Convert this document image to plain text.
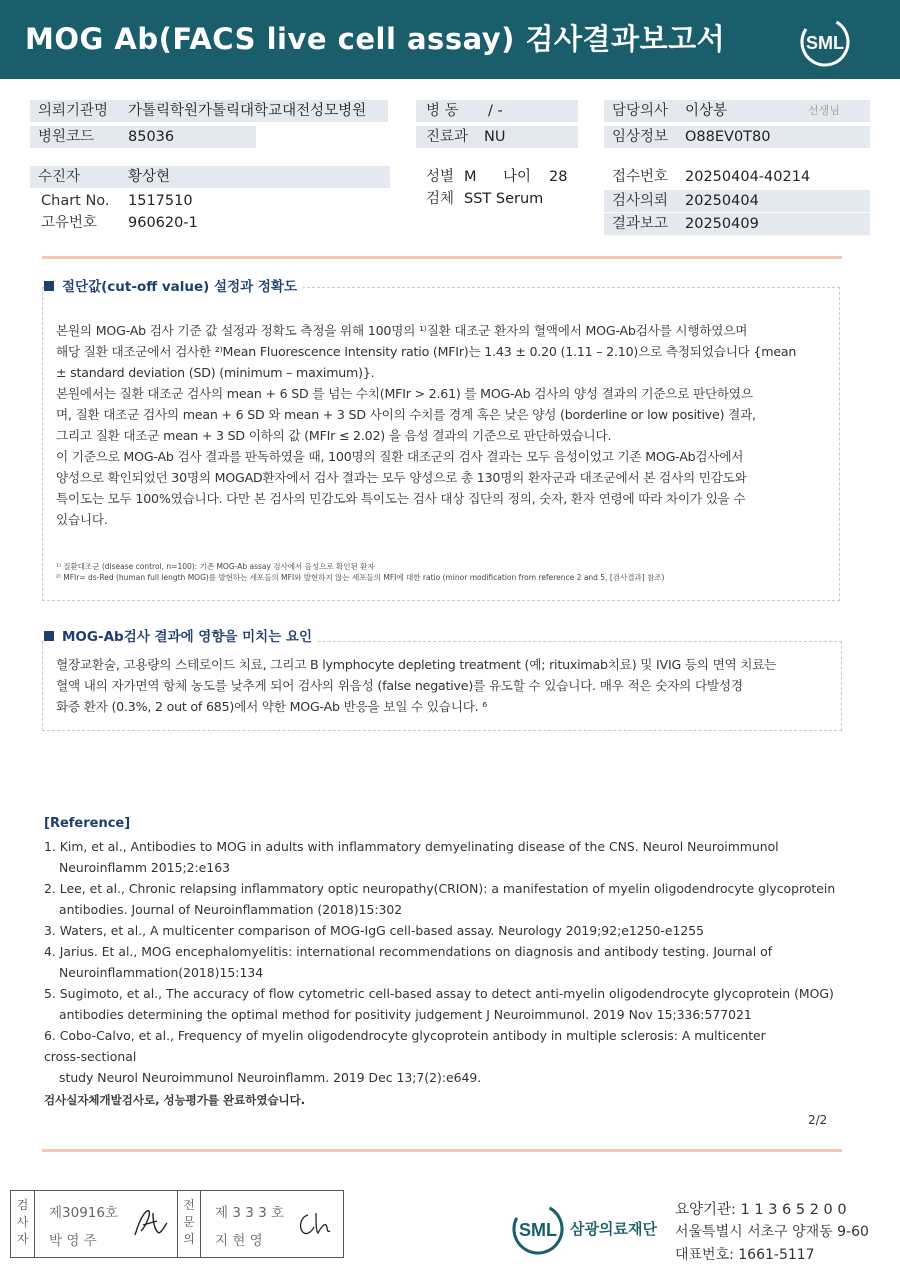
MOG Ab(FACS live cell assay) 검사결과보고서	SML
의뢰기관명 가톨릭학원가톨릭대학교대전성모병원
병원코드 85036
병 동 / -
진료과 NU
담당의사 이상봉	선생님
임상정보 O88EV0T80
수진자	황상현
Chart No. 1517510
고유번호 960620-1
성별 M 나이 28
검체 SST Serum
접수번호 20250404-40214
검사의뢰 20250404
결과보고 20250409
절단값(cut-off value) 설정과 정확도

본원의 MOG-Ab 검사 기준 값 설정과 정확도 측정을 위해 100명의 ¹⁾질환 대조군 환자의 혈액에서 MOG-Ab검사를 시행하였으며

해당 질환 대조군에서 검사한 ²⁾Mean Fluorescence Intensity ratio (MFIr)는 1.43 ± 0.20 (1.11 – 2.10)으로 측정되었습니다 {mean

± standard deviation (SD) (minimum – maximum)}.

본원에서는 질환 대조군 검사의 mean + 6 SD 를 넘는 수치(MFIr > 2.61) 를 MOG-Ab 검사의 양성 결과의 기준으로 판단하였으

며, 질환 대조군 검사의 mean + 6 SD 와 mean + 3 SD 사이의 수치를 경계 혹은 낮은 양성 (borderline or low positive) 결과,

그리고 질환 대조군 mean + 3 SD 이하의 값 (MFIr ≤ 2.02) 을 음성 결과의 기준으로 판단하였습니다.

이 기준으로 MOG-Ab 검사 결과를 판독하였을 때, 100명의 질환 대조군의 검사 결과는 모두 음성이었고 기존 MOG-Ab검사에서

양성으로 확인되었던 30명의 MOGAD환자에서 검사 결과는 모두 양성으로 총 130명의 환자군과 대조군에서 본 검사의 민감도와

특이도는 모두 100%였습니다. 다만 본 검사의 민감도와 특이도는 검사 대상 집단의 정의, 숫자, 환자 연령에 따라 차이가 있을 수

있습니다.

¹⁾ 질환대조군 (disease control, n=100): 기존 MOG-Ab assay 검사에서 음성으로 확인된 환자

²⁾ MFIr= ds-Red (human full length MOG)를 발현하는 세포들의 MFI와 발현하지 않는 세포들의 MFI에 대한 ratio (minor modification from reference 2 and 5, [검사결과] 참조)

MOG-Ab검사 결과에 영향을 미치는 요인

혈장교환술, 고용량의 스테로이드 치료, 그리고 B lymphocyte depleting treatment (예; rituximab치료) 및 IVIG 등의 면역 치료는

혈액 내의 자가면역 항체 농도를 낮추게 되어 검사의 위음성 (false negative)를 유도할 수 있습니다. 매우 적은 숫자의 다발성경

화증 환자 (0.3%, 2 out of 685)에서 약한 MOG-Ab 반응을 보일 수 있습니다. ⁶

[Reference]

1. Kim, et al., Antibodies to MOG in adults with inflammatory demyelinating disease of the CNS. Neurol Neuroimmunol

Neuroinflamm 2015;2:e163

2. Lee, et al., Chronic relapsing inflammatory optic neuropathy(CRION): a manifestation of myelin oligodendrocyte glycoprotein

antibodies. Journal of Neuroinflammation (2018)15:302

3. Waters, et al., A multicenter comparison of MOG-IgG cell-based assay. Neurology 2019;92;e1250-e1255

4. Jarius. Et al., MOG encephalomyelitis: international recommendations on diagnosis and antibody testing. Journal of

Neuroinflammation(2018)15:134

5. Sugimoto, et al., The accuracy of flow cytometric cell-based assay to detect anti-myelin oligodendrocyte glycoprotein (MOG)

antibodies determining the optimal method for positivity judgement J Neuroimmunol. 2019 Nov 15;336:577021

6. Cobo-Calvo, et al., Frequency of myelin oligodendrocyte glycoprotein antibody in multiple sclerosis: A multicenter

cross-sectional

study Neurol Neuroimmunol Neuroinflamm. 2019 Dec 13;7(2):e649.

검사실자체개발검사로, 성능평가를 완료하였습니다.
2/2
검
사
자
제30916호
박 영 주
전
문
의
제 3 3 3 호
지 현 영
SML 삼광의료재단
요양기관: 1 1 3 6 5 2 0 0
서울특별시 서초구 양재동 9-60
대표번호: 1661-5117
